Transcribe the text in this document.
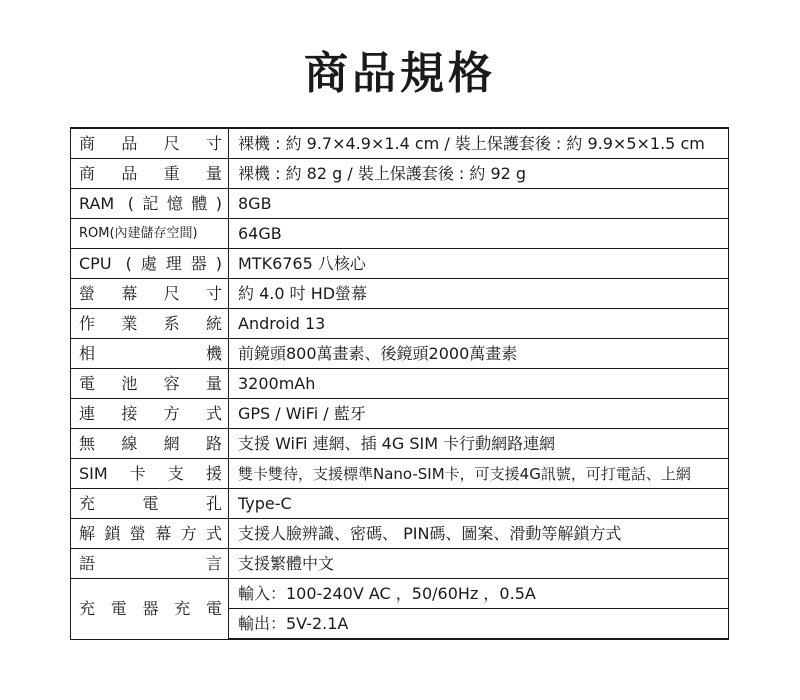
商品規格
商品尺寸	裸機 : 約 9.7×4.9×1.4 cm / 裝上保護套後 : 約 9.9×5×1.5 cm

商品重量	裸機 : 約 82 g / 裝上保護套後 : 約 92 g

RAM (記憶體)	8GB

ROM(內建儲存空間)	64GB

CPU (處理器)	MTK6765 八核心

螢幕尺寸	約 4.0 吋 HD螢幕

作業系統	Android 13

相機	前鏡頭800萬畫素、後鏡頭2000萬畫素

電池容量	3200mAh

連接方式	GPS / WiFi / 藍牙

無線網路	支援 WiFi 連網、插 4G SIM 卡行動網路連網

SIM卡支援	雙卡雙待，支援標準Nano-SIM卡，可支援4G訊號，可打電話、上網

充電孔	Type-C

解鎖螢幕方式	支援人臉辨識、密碼、 PIN碼、圖案、滑動等解鎖方式

語言	支援繁體中文

充電器充電	輸入：100-240V AC ，50/60Hz ，0.5A
	輸出：5V-2.1A
